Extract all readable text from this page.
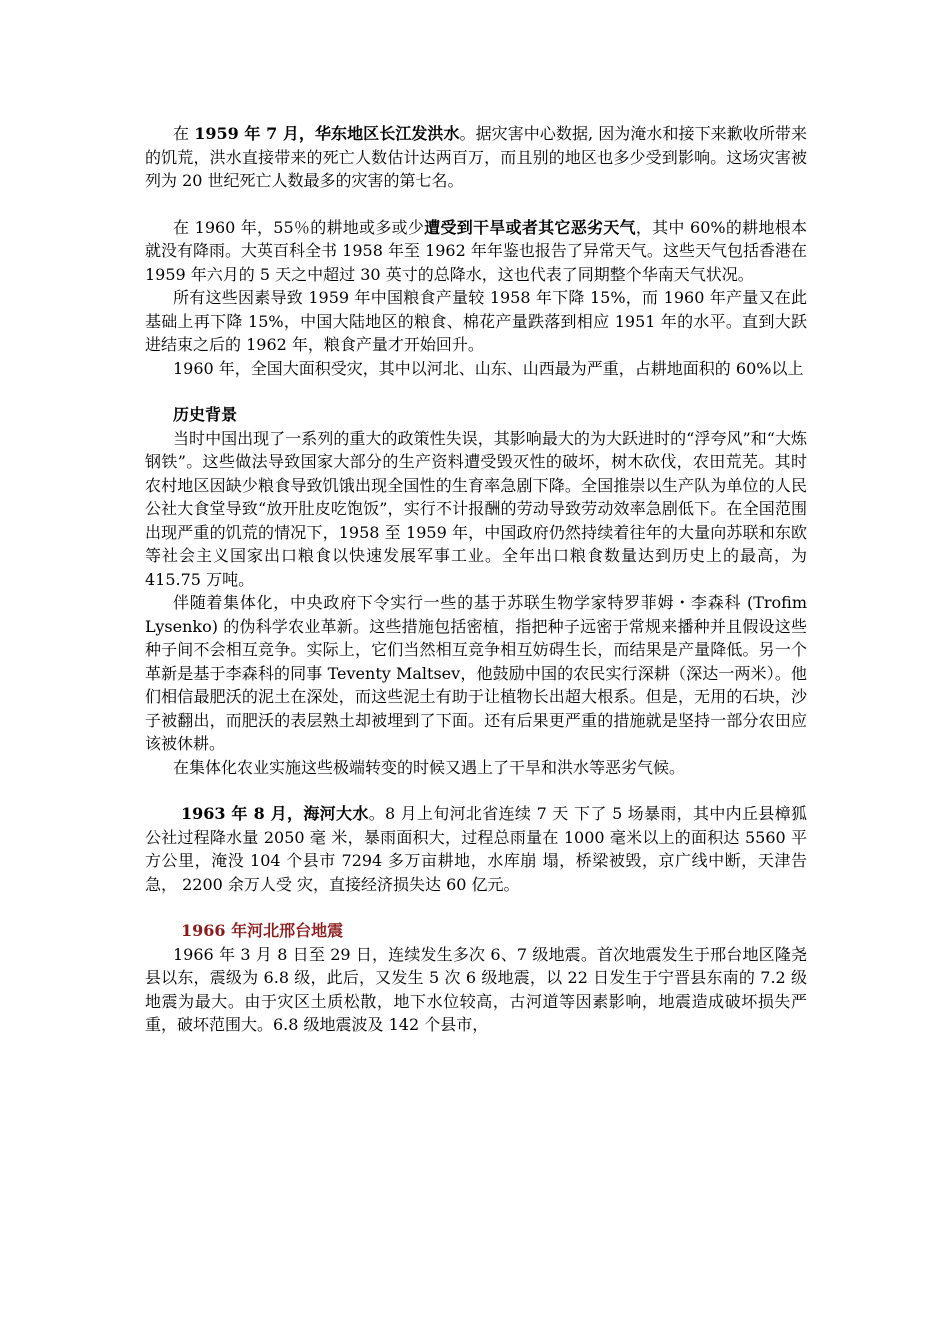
在 1959 年 7 月，华东地区长江发洪水。据灾害中心数据, 因为淹水和接下来歉收所带来的饥荒，洪水直接带来的死亡人数估计达两百万，而且别的地区也多少受到影响。这场灾害被列为 20 世纪死亡人数最多的灾害的第七名。

在 1960 年，55％的耕地或多或少遭受到干旱或者其它恶劣天气，其中 60%的耕地根本就没有降雨。大英百科全书 1958 年至 1962 年年鉴也报告了异常天气。这些天气包括香港在 1959 年六月的 5 天之中超过 30 英寸的总降水，这也代表了同期整个华南天气状况。

所有这些因素导致 1959 年中国粮食产量较 1958 年下降 15%，而 1960 年产量又在此基础上再下降 15%，中国大陆地区的粮食、棉花产量跌落到相应 1951 年的水平。直到大跃进结束之后的 1962 年，粮食产量才开始回升。

1960 年，全国大面积受灾，其中以河北、山东、山西最为严重，占耕地面积的 60%以上

历史背景

当时中国出现了一系列的重大的政策性失误，其影响最大的为大跃进时的“浮夸风”和“大炼钢铁”。这些做法导致国家大部分的生产资料遭受毁灭性的破坏，树木砍伐，农田荒芜。其时农村地区因缺少粮食导致饥饿出现全国性的生育率急剧下降。全国推崇以生产队为单位的人民公社大食堂导致“放开肚皮吃饱饭”，实行不计报酬的劳动导致劳动效率急剧低下。在全国范围出现严重的饥荒的情况下，1958 至 1959 年，中国政府仍然持续着往年的大量向苏联和东欧等社会主义国家出口粮食以快速发展军事工业。全年出口粮食数量达到历史上的最高，为 415.75 万吨。

伴随着集体化，中央政府下令实行一些的基于苏联生物学家特罗菲姆・李森科 (Trofim Lysenko) 的伪科学农业革新。这些措施包括密植，指把种子远密于常规来播种并且假设这些种子间不会相互竞争。实际上，它们当然相互竞争相互妨碍生长，而结果是产量降低。另一个革新是基于李森科的同事 Teventy Maltsev，他鼓励中国的农民实行深耕（深达一两米）。他们相信最肥沃的泥土在深处，而这些泥土有助于让植物长出超大根系。但是，无用的石块，沙子被翻出，而肥沃的表层熟土却被埋到了下面。还有后果更严重的措施就是坚持一部分农田应该被休耕。

在集体化农业实施这些极端转变的时候又遇上了干旱和洪水等恶劣气候。

1963 年 8 月，海河大水。8 月上旬河北省连续 7 天 下了 5 场暴雨，其中内丘县樟狐公社过程降水量 2050 毫 米，暴雨面积大，过程总雨量在 1000 毫米以上的面积达 5560 平方公里，淹没 104 个县市 7294 多万亩耕地，水库崩 塌，桥梁被毁，京广线中断，天津告急， 2200 余万人受 灾，直接经济损失达 60 亿元。

1966 年河北邢台地震

1966 年 3 月 8 日至 29 日，连续发生多次 6、7 级地震。首次地震发生于邢台地区隆尧县以东，震级为 6.8 级，此后，又发生 5 次 6 级地震，以 22 日发生于宁晋县东南的 7.2 级地震为最大。由于灾区土质松散，地下水位较高，古河道等因素影响，地震造成破坏损失严重，破坏范围大。6.8 级地震波及 142 个县市，
